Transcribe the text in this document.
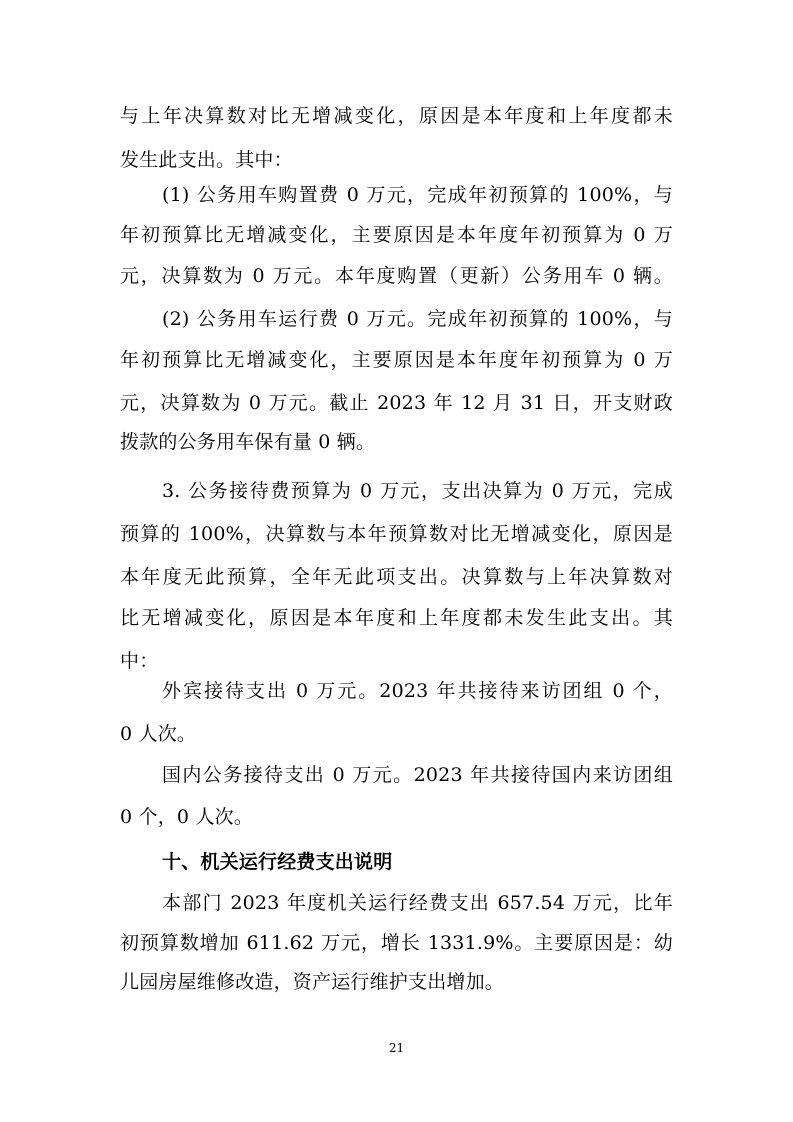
与上年决算数对比无增减变化，原因是本年度和上年度都未
发生此支出。其中：
(1) 公务用车购置费 0 万元，完成年初预算的 100%，与
年初预算比无增减变化，主要原因是本年度年初预算为 0 万
元，决算数为 0 万元。本年度购置（更新）公务用车 0 辆。
(2) 公务用车运行费 0 万元。完成年初预算的 100%，与
年初预算比无增减变化，主要原因是本年度年初预算为 0 万
元，决算数为 0 万元。截止 2023 年 12 月 31 日，开支财政
拨款的公务用车保有量 0 辆。
3. 公务接待费预算为 0 万元，支出决算为 0 万元，完成
预算的 100%，决算数与本年预算数对比无增减变化，原因是
本年度无此预算，全年无此项支出。决算数与上年决算数对
比无增减变化，原因是本年度和上年度都未发生此支出。其
中：
外宾接待支出 0 万元。2023 年共接待来访团组 0 个，
0 人次。
国内公务接待支出 0 万元。2023 年共接待国内来访团组
0 个，0 人次。
十、机关运行经费支出说明
本部门 2023 年度机关运行经费支出 657.54 万元，比年
初预算数增加 611.62 万元，增长 1331.9%。主要原因是：幼
儿园房屋维修改造，资产运行维护支出增加。
21
